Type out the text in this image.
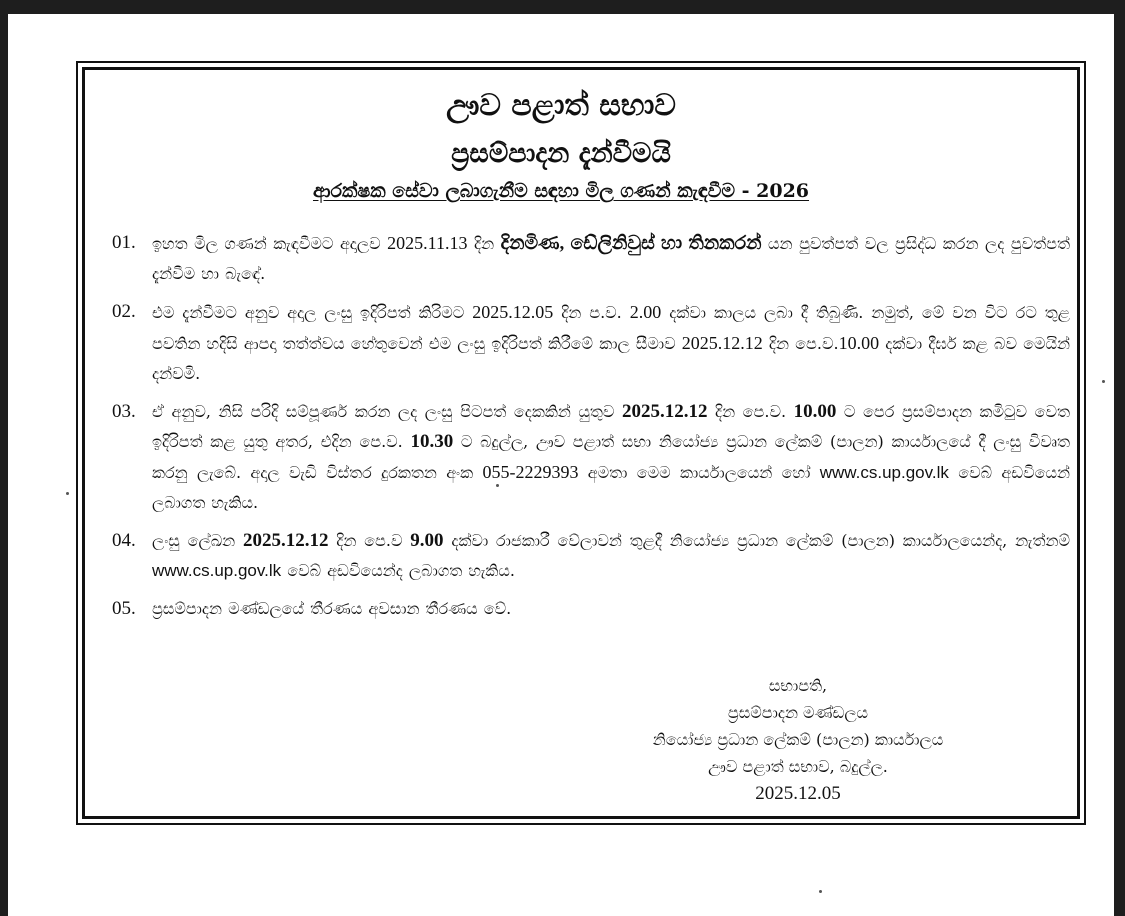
ඌව පළාත් සභාව
ප්‍රසම්පාදන දැන්වීමයි
ආරක්ෂක සේවා ලබාගැනීම සඳහා මිල ගණන් කැඳවීම - 2026
01.	ඉහත මිල ගණන් කැඳවීමට අදාලව 2025.11.13 දින දිනමිණ, ඩේලිනිවුස් හා තිනකරන් යන පුවත්පත් වල ප්‍රසිද්ධ කරන ලද පුවත්පත් දැන්වීම හා බැඳේ.
02.	එම දැන්වීමට අනුව අදාල ලංසු ඉදිරිපත් කිරිමට 2025.12.05 දින ප.ව. 2.00 දක්වා කාලය ලබා දී තිබුණි. නමුත්, මේ වන විට රට තුළ පවතින හදිසි ආපදා තත්ත්වය හේතුවෙන් එම ලංසු ඉදිරිපත් කිරීමේ කාල සීමාව 2025.12.12 දින පෙ.ව.10.00 දක්වා දීර්ඝ කළ බව මෙයින් දන්වමි.
03.	ඒ අනුව, නිසි පරිදි සම්පූර්ණ කරන ලද ලංසු පිටපත් දෙකකින් යුතුව 2025.12.12 දින පෙ.ව. 10.00 ට පෙර ප්‍රසම්පාදන කමිටුව වෙත ඉදිරිපත් කළ යුතු අතර, එදින පෙ.ව. 10.30 ට බදුල්ල, ඌව පළාත් සභා නියෝජ්‍ය ප්‍රධාන ලේකම් (පාලන) කාර්යාලයේ දී ලංසු විවෘත කරනු ලැබේ. අදාල වැඩි විස්තර දුරකතන අංක 055-2229393 අමතා මෙම කාර්යාලයෙන් හෝ www.cs.up.gov.lk වෙබ් අඩවියෙන් ලබාගත හැකිය.
04.	ලංසු ලේඛන 2025.12.12 දින පෙ.ව 9.00 දක්වා රාජකාරී වේලාවන් තුළදී නියෝජ්‍ය ප්‍රධාන ලේකම් (පාලන) කාර්යාලයෙන්ද, නැත්නම් www.cs.up.gov.lk වෙබ් අඩවියෙන්ද ලබාගත හැකිය.
05.	ප්‍රසම්පාදන මණ්ඩලයේ තීරණය අවසාන තීරණය වේ.
සභාපති,
ප්‍රසම්පාදන මණ්ඩලය
නියෝජ්‍ය ප්‍රධාන ලේකම් (පාලන) කාර්යාලය
ඌව පළාත් සභාව, බදුල්ල.
2025.12.05
